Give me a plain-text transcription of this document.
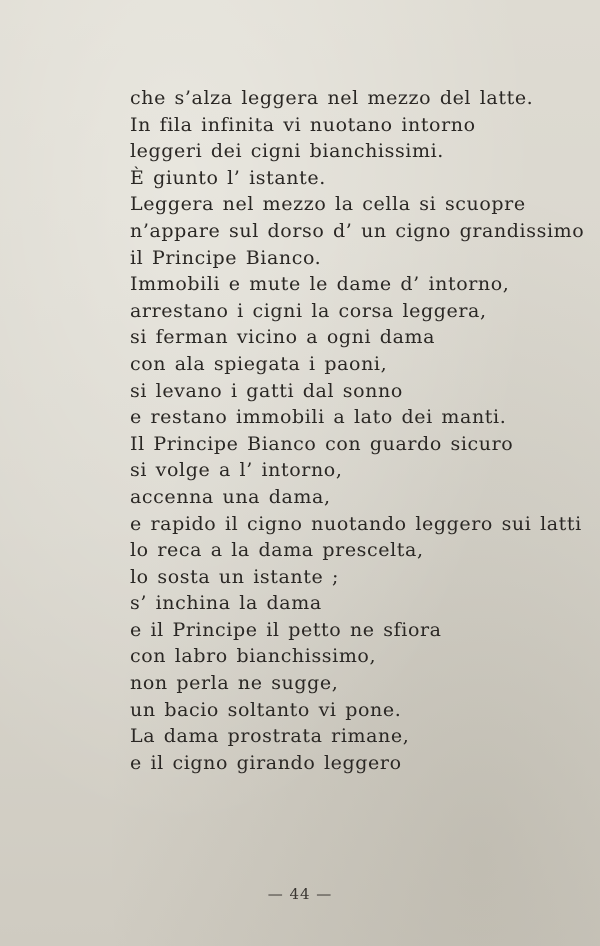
che s’alza leggera nel mezzo del latte.
In fila infinita vi nuotano intorno
leggeri dei cigni bianchissimi.
È giunto l’ istante.
Leggera nel mezzo la cella si scuopre
n’appare sul dorso d’ un cigno grandissimo
il Principe Bianco.
Immobili e mute le dame d’ intorno,
arrestano i cigni la corsa leggera,
si ferman vicino a ogni dama
con ala spiegata i paoni,
si levano i gatti dal sonno
e restano immobili a lato dei manti.
Il Principe Bianco con guardo sicuro
si volge a l’ intorno,
accenna una dama,
e rapido il cigno nuotando leggero sui latti
lo reca a la dama prescelta,
lo sosta un istante ;
s’ inchina la dama
e il Principe il petto ne sfiora
con labro bianchissimo,
non perla ne sugge,
un bacio soltanto vi pone.
La dama prostrata rimane,
e il cigno girando leggero
— 44 —
